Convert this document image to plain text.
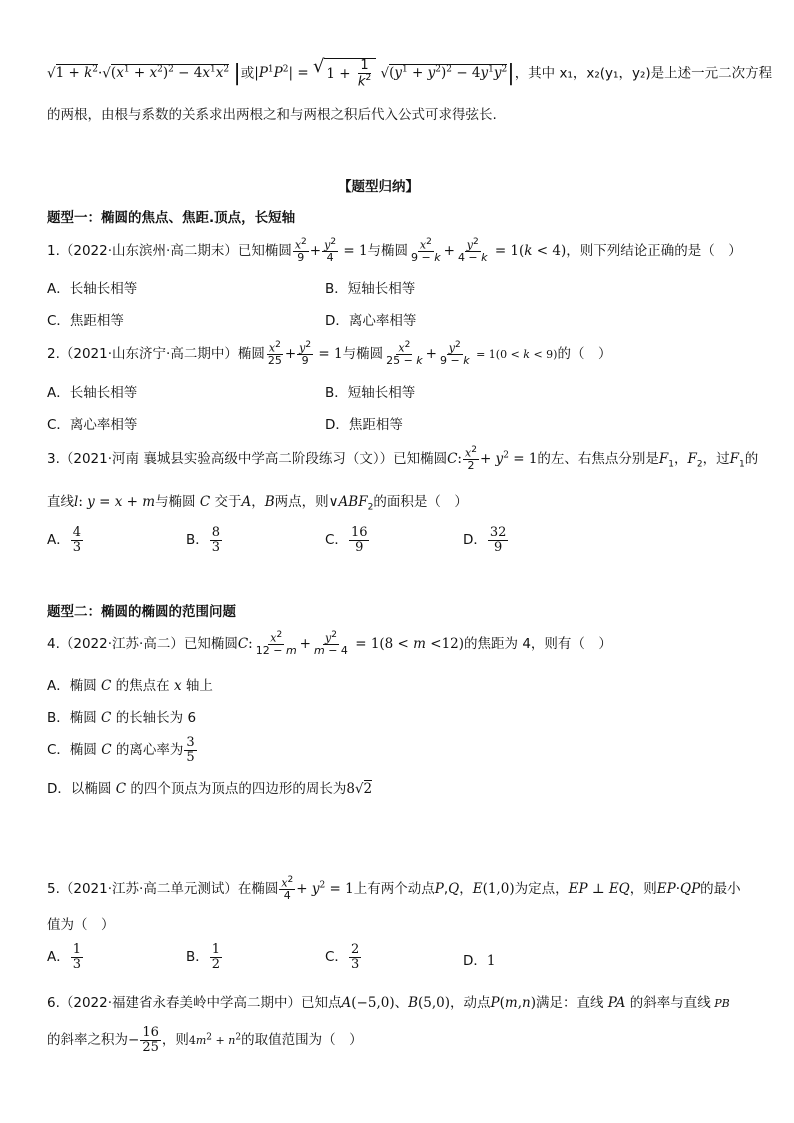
$√1 + k^2\cdot√(x^1 + x^2)^2 - 4x^1x^2$ |或$|P^1P^2|$ = √ $1 + \frac{1}{k^2} √(y^1 + y^2)^2 - 4y^1y^2|$，其中 x₁，x₂(y₁，y₂)是上述一元二次方程
的两根，由根与系数的关系求出两根之和与两根之积后代入公式可求得弦长.
【题型归纳】
题型一：椭圆的焦点、焦距.顶点，长短轴
1.（2022·山东滨州·高二期末）已知椭圆 $\frac{x^2}{9} + \frac{y^2}{4} = 1$与椭圆 $\frac{x^2}{9 - k} + \frac{y^2}{4 - k} = 1(k < 4)$，则下列结论正确的是（　）
A．长轴长相等	B．短轴长相等
C．焦距相等	D．离心率相等
2.（2021·山东济宁·高二期中）椭圆 $\frac{x^2}{25} + \frac{y^2}{9} = 1$与椭圆 $\frac{x^2}{25 - k} + \frac{y^2}{9 - k} = 1(0 < k < 9)$的（　）
A．长轴长相等	B．短轴长相等
C．离心率相等	D．焦距相等
3.（2021·河南 襄城县实验高级中学高二阶段练习（文））已知椭圆C: $\frac{x^2}{2} + y^2 = 1$的左、右焦点分别是$F_1$，$F_2$，过$F_1$的
直线l: y = x + m与椭圆 C 交于A，B两点，则$\vee ABF_2$的面积是（　）
A． $\frac{4}{3}$	B． $\frac{8}{3}$	C． $\frac{16}{9}$	D． $\frac{32}{9}$
题型二：椭圆的椭圆的范围问题
4.（2022·江苏·高二）已知椭圆C: $\frac{x^2}{12 - m} + \frac{y^2}{m - 4} = 1(8 < m <12)$的焦距为 4，则有（　）
A．椭圆 C 的焦点在 x 轴上
B．椭圆 C 的长轴长为 6
C．椭圆 C 的离心率为 $\frac{3}{5}$
D．以椭圆 C 的四个顶点为顶点的四边形的周长为8√2
5.（2021·江苏·高二单元测试）在椭圆 $\frac{x^2}{4} + y^2 = 1$上有两个动点P,Q，E(1,0)为定点，EP ⊥ EQ，则EP·QP的最小
值为（　）
A． $\frac{1}{3}$	B． $\frac{1}{2}$	C． $\frac{2}{3}$	D．1
6.（2022·福建省永春美岭中学高二期中）已知点A(−5,0)、B(5,0)，动点P(m,n)满足：直线 PA 的斜率与直线 PB
的斜率之积为− $\frac{16}{25}$ ，则$4m^2 + n^2$的取值范围为（　）
